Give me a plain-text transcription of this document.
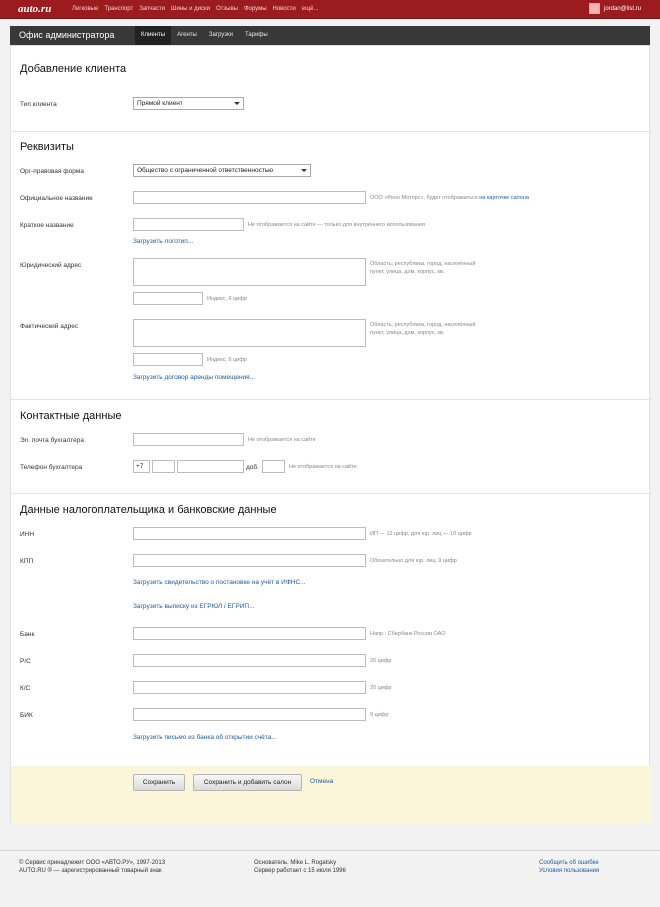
auto.ru	Легковые Транспорт Запчасти Шины и диски Отзывы Форумы Новости ещё...	jordan@list.ru
Офис администратора	Клиенты	Агенты	Загрузки	Тарифы
Добавление клиента
Тип клиента	Прямой клиент
Реквизиты
Орг-правовая форма	Общество с ограниченной ответственностью
Официальное название	ООО «Рено Моторс», будет отображаться на карточке салона
Краткое название	Не отображается на сайте — только для внутреннего использования
Загрузить логотип...
Юридический адрес	Область, республика, город, населённый
пункт, улица, дом, корпус, кв.
Индекс, 6 цифр
Фактический адрес	Область, республика, город, населённый
пункт, улица, дом, корпус, кв.
Индекс, 6 цифр
Загрузить договор аренды помещения...
Контактные данные
Эл. почта бухгалтера	Не отображается на сайте
Телефон бухгалтера	+7	доб.	Не отображается на сайте
Данные налогоплательщика и банковские данные
ИНН	ИП — 12 цифр, для юр. лиц — 10 цифр
КПП	Обязательно для юр. лиц, 9 цифр
Загрузить свидетельство о постановке на учёт в ИФНС...
Загрузить выписку из ЕГРЮЛ / ЕГРИП...
Банк	Напр.: Сбербанк России ОАО
Р/С	20 цифр
К/С	20 цифр
БИК	9 цифр
Загрузить письмо из банка об открытии счёта...
Сохранить	Сохранить и добавить салон	Отмена
© Сервис принадлежит ООО «АВТО.РУ», 1997-2013
AUTO.RU ® — зарегистрированный товарный знак
Основатель: Mike L. Rogalsky
Сервер работает с 15 июля 1996
Сообщить об ошибке
Условия пользования
